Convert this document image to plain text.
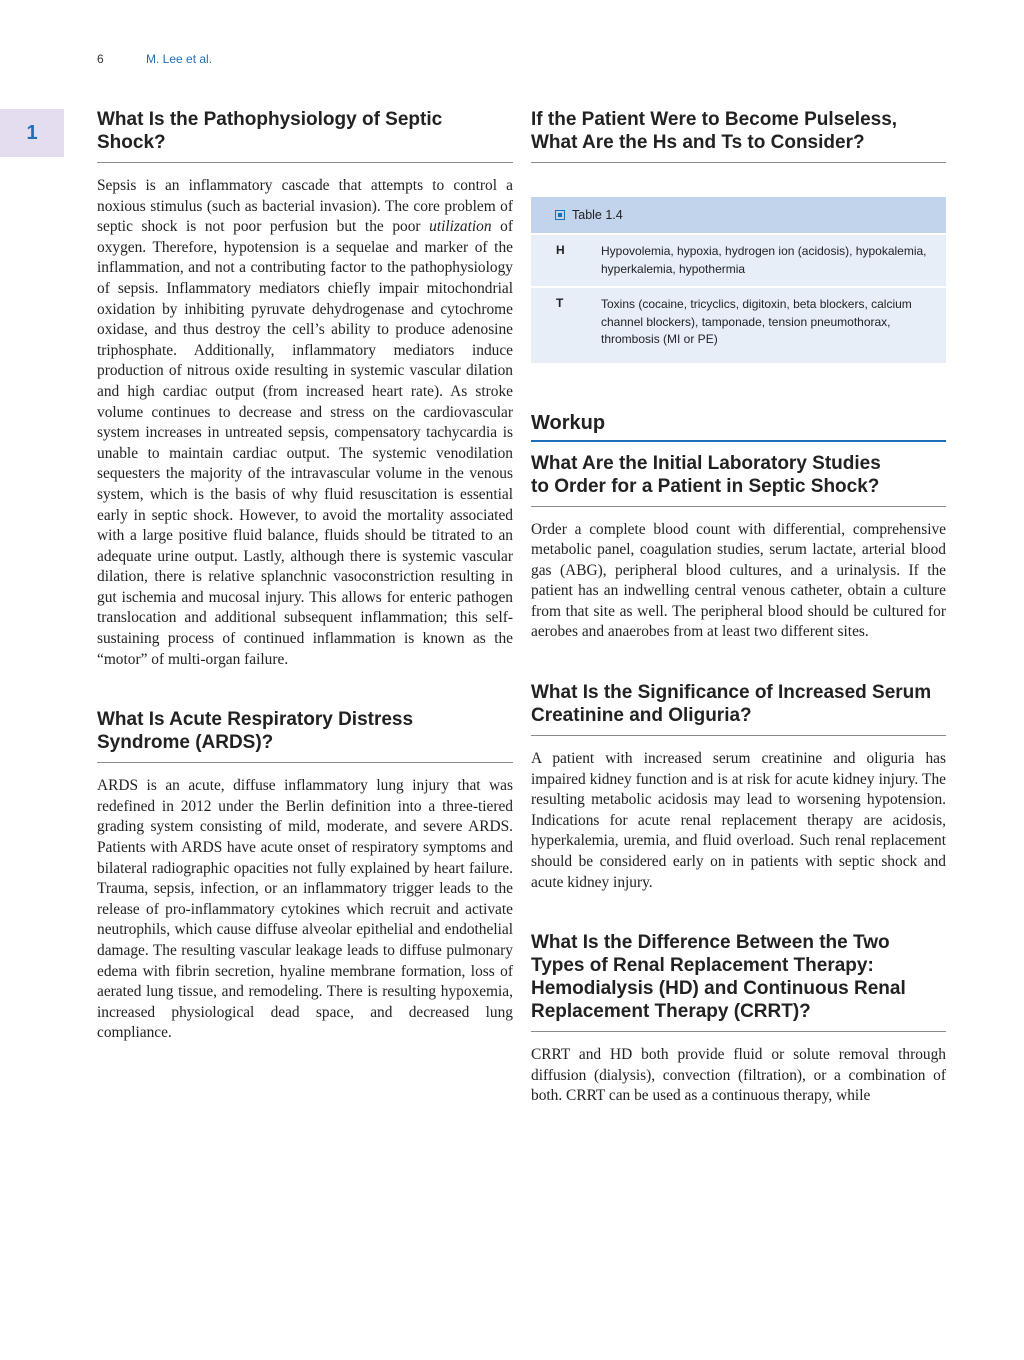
6	M. Lee et al.
1
What Is the Pathophysiology of Septic
Shock?

Sepsis is an inflammatory cascade that attempts to control a noxious stimulus (such as bacterial invasion). The core problem of septic shock is not poor perfusion but the poor utilization of oxygen. Therefore, hypotension is a sequelae and marker of the inflammation, and not a contributing factor to the pathophysiology of sepsis. Inflammatory mediators chiefly impair mitochondrial oxidation by inhibiting pyruvate dehydrogenase and cytochrome oxidase, and thus destroy the cell’s ability to produce adenosine triphosphate. Additionally, inflammatory mediators induce production of nitrous oxide resulting in systemic vascular dilation and high cardiac output (from increased heart rate). As stroke volume continues to decrease and stress on the cardiovascular system increases in untreated sepsis, compensatory tachycardia is unable to maintain cardiac output. The systemic venodilation sequesters the majority of the intravascular volume in the venous system, which is the basis of why fluid resuscitation is essential early in septic shock. However, to avoid the mortality associated with a large positive fluid balance, fluids should be titrated to an adequate urine output. Lastly, although there is systemic vascular dilation, there is relative splanchnic vasoconstriction resulting in gut ischemia and mucosal injury. This allows for enteric pathogen translocation and additional subsequent inflammation; this self-sustaining process of continued inflammation is known as the “motor” of multi-organ failure.

What Is Acute Respiratory Distress
Syndrome (ARDS)?

ARDS is an acute, diffuse inflammatory lung injury that was redefined in 2012 under the Berlin definition into a three-tiered grading system consisting of mild, moderate, and severe ARDS. Patients with ARDS have acute onset of respiratory symptoms and bilateral radiographic opacities not fully explained by heart failure. Trauma, sepsis, infection, or an inflammatory trigger leads to the release of pro-inflammatory cytokines which recruit and activate neutrophils, which cause diffuse alveolar epithelial and endothelial damage. The resulting vascular leakage leads to diffuse pulmonary edema with fibrin secretion, hyaline membrane formation, loss of aerated lung tissue, and remodeling. There is resulting hypoxemia, increased physiological dead space, and decreased lung compliance.

If the Patient Were to Become Pulseless,
What Are the Hs and Ts to Consider?
Table 1.4
H	Hypovolemia, hypoxia, hydrogen ion (acidosis), hypokalemia, hyperkalemia, hypothermia
T	Toxins (cocaine, tricyclics, digitoxin, beta blockers, calcium channel blockers), tamponade, tension pneumothorax, thrombosis (MI or PE)
Workup
What Are the Initial Laboratory Studies
to Order for a Patient in Septic Shock?

Order a complete blood count with differential, comprehensive metabolic panel, coagulation studies, serum lactate, arterial blood gas (ABG), peripheral blood cultures, and a urinalysis. If the patient has an indwelling central venous catheter, obtain a culture from that site as well. The peripheral blood should be cultured for aerobes and anaerobes from at least two different sites.

What Is the Significance of Increased Serum
Creatinine and Oliguria?

A patient with increased serum creatinine and oliguria has impaired kidney function and is at risk for acute kidney injury. The resulting metabolic acidosis may lead to worsening hypotension. Indications for acute renal replacement therapy are acidosis, hyperkalemia, uremia, and fluid overload. Such renal replacement should be considered early on in patients with septic shock and acute kidney injury.

What Is the Difference Between the Two
Types of Renal Replacement Therapy:
Hemodialysis (HD) and Continuous Renal
Replacement Therapy (CRRT)?

CRRT and HD both provide fluid or solute removal through diffusion (dialysis), convection (filtration), or a combination of both. CRRT can be used as a continuous therapy, while
